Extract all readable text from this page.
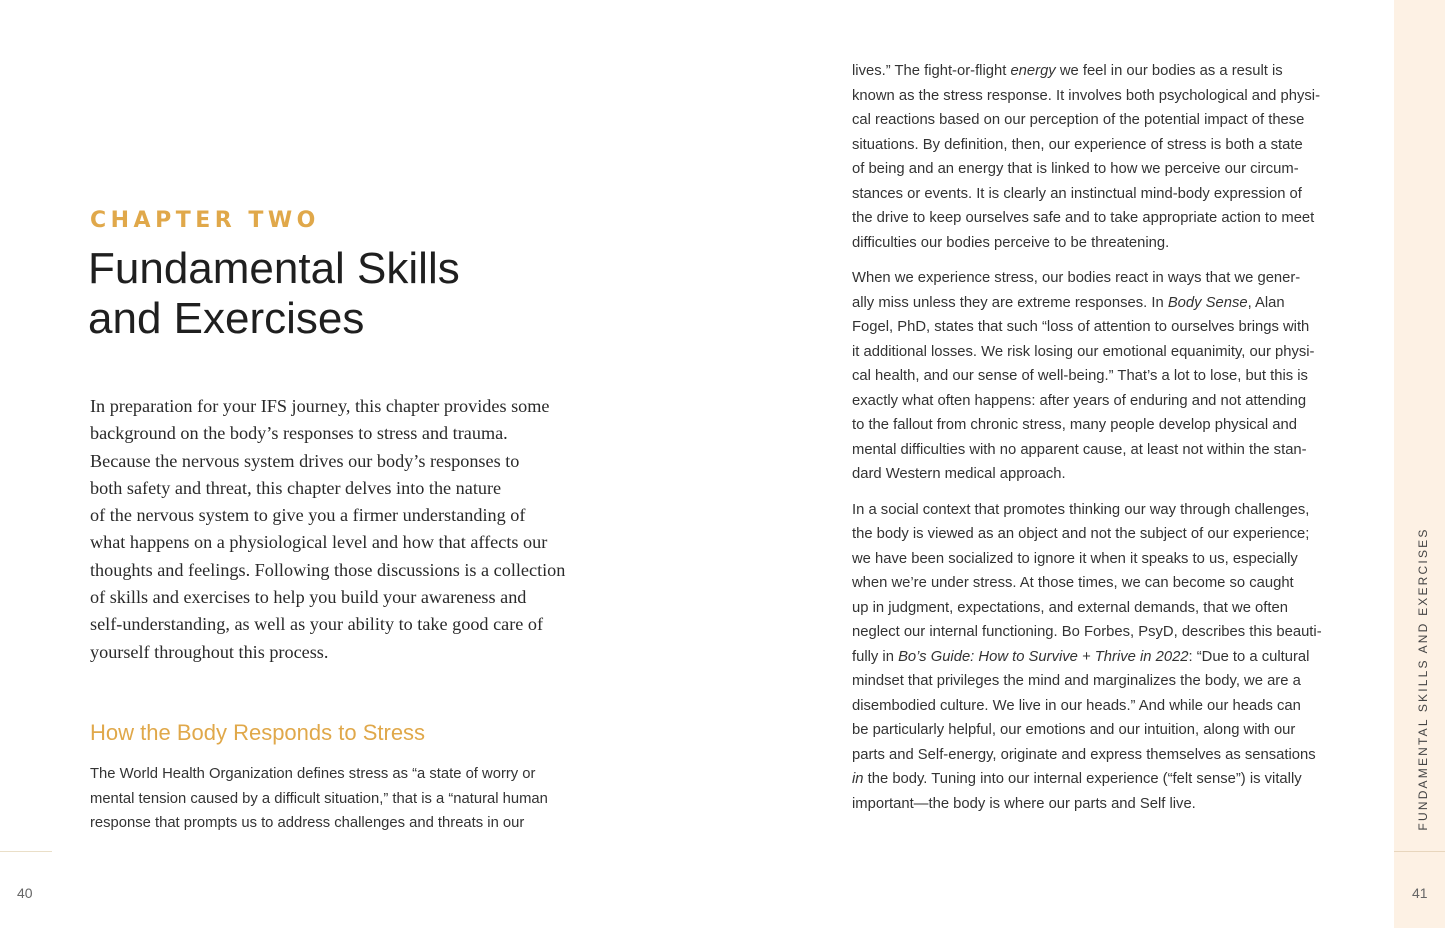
CHAPTER TWO
Fundamental Skills
and Exercises
In preparation for your IFS journey, this chapter provides some
background on the body’s responses to stress and trauma.
Because the nervous system drives our body’s responses to
both safety and threat, this chapter delves into the nature
of the nervous system to give you a firmer understanding of
what happens on a physiological level and how that affects our
thoughts and feelings. Following those discussions is a collection
of skills and exercises to help you build your awareness and
self-understanding, as well as your ability to take good care of
yourself throughout this process.
How the Body Responds to Stress
The World Health Organization defines stress as “a state of worry or
mental tension caused by a difficult situation,” that is a “natural human
response that prompts us to address challenges and threats in our
40

lives.” The fight-or-flight energy we feel in our bodies as a result is
known as the stress response. It involves both psychological and physi-
cal reactions based on our perception of the potential impact of these
situations. By definition, then, our experience of stress is both a state
of being and an energy that is linked to how we perceive our circum-
stances or events. It is clearly an instinctual mind-body expression of
the drive to keep ourselves safe and to take appropriate action to meet
difficulties our bodies perceive to be threatening.

When we experience stress, our bodies react in ways that we gener-
ally miss unless they are extreme responses. In Body Sense, Alan
Fogel, PhD, states that such “loss of attention to ourselves brings with
it additional losses. We risk losing our emotional equanimity, our physi-
cal health, and our sense of well-being.” That’s a lot to lose, but this is
exactly what often happens: after years of enduring and not attending
to the fallout from chronic stress, many people develop physical and
mental difficulties with no apparent cause, at least not within the stan-
dard Western medical approach.

In a social context that promotes thinking our way through challenges,
the body is viewed as an object and not the subject of our experience;
we have been socialized to ignore it when it speaks to us, especially
when we’re under stress. At those times, we can become so caught
up in judgment, expectations, and external demands, that we often
neglect our internal functioning. Bo Forbes, PsyD, describes this beauti-
fully in Bo’s Guide: How to Survive + Thrive in 2022: “Due to a cultural
mindset that privileges the mind and marginalizes the body, we are a
disembodied culture. We live in our heads.” And while our heads can
be particularly helpful, our emotions and our intuition, along with our
parts and Self-energy, originate and express themselves as sensations
in the body. Tuning into our internal experience (“felt sense”) is vitally
important—the body is where our parts and Self live.	FUNDAMENTAL SKILLS AND EXERCISES
41
